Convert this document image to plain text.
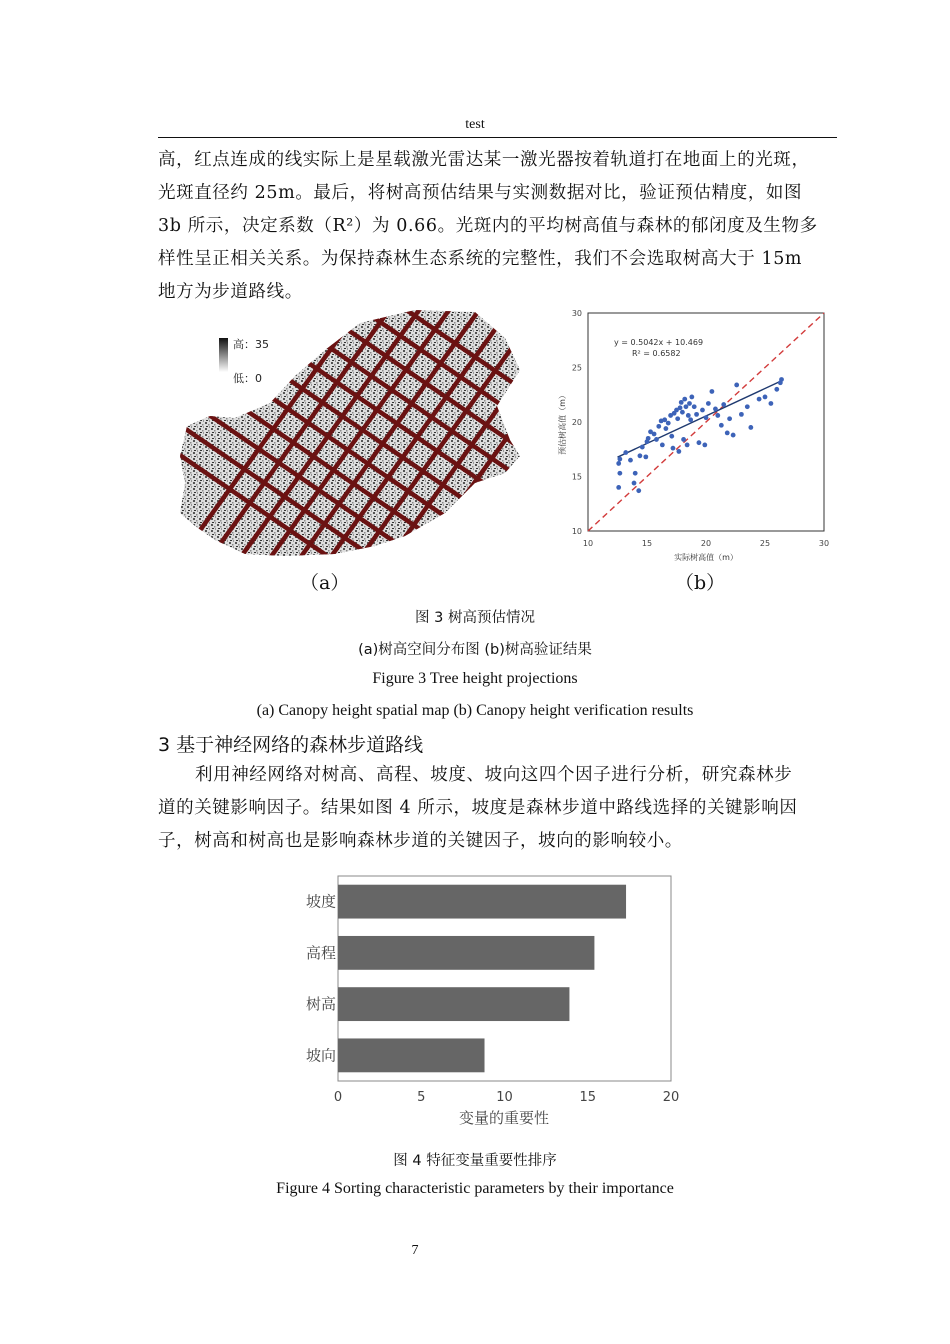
test

高，红点连成的线实际上是星载激光雷达某一激光器按着轨道打在地面上的光斑，

光斑直径约 25m。最后，将树高预估结果与实测数据对比，验证预估精度，如图

3b 所示，决定系数（R²）为 0.66。光斑内的平均树高值与森林的郁闭度及生物多

样性呈正相关关系。为保持森林生态系统的完整性，我们不会选取树高大于 15m

地方为步道路线。

高：35
低：0
（a）
10	15	20	25	30
10
15
20
25
30
y = 0.5042x + 10.469
R² = 0.6582
实际树高值（m）
预估树高值（m）
（b）
图 3 树高预估情况
(a)树高空间分布图 (b)树高验证结果
Figure 3 Tree height projections
(a) Canopy height spatial map (b) Canopy height verification results
3 基于神经网络的森林步道路线

利用神经网络对树高、高程、坡度、坡向这四个因子进行分析，研究森林步

道的关键影响因子。结果如图 4 所示，坡度是森林步道中路线选择的关键影响因

子，树高和树高也是影响森林步道的关键因子，坡向的影响较小。

坡度
高程
树高
坡向
0	5	10	15	20
变量的重要性
图 4 特征变量重要性排序
Figure 4 Sorting characteristic parameters by their importance
7
